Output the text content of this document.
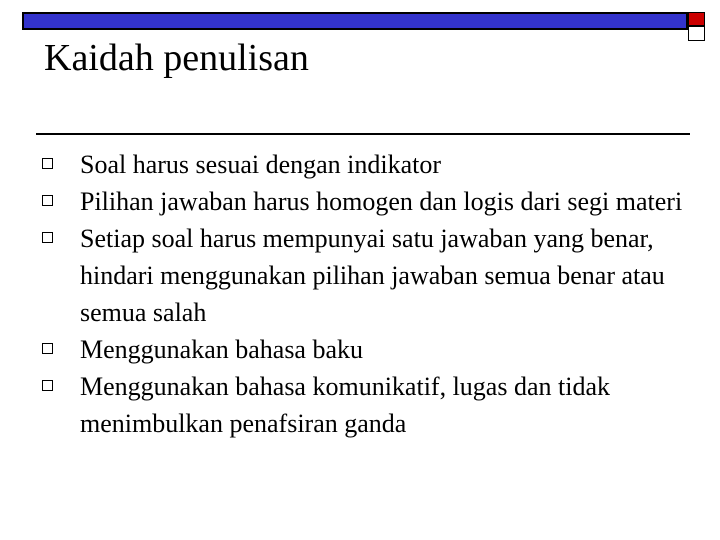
Kaidah penulisan
Soal harus sesuai dengan indikator
Pilihan jawaban harus homogen dan logis dari segi materi
Setiap soal harus mempunyai satu jawaban yang benar, hindari menggunakan pilihan jawaban semua benar atau semua salah
Menggunakan bahasa baku
Menggunakan bahasa komunikatif, lugas dan tidak menimbulkan penafsiran ganda
